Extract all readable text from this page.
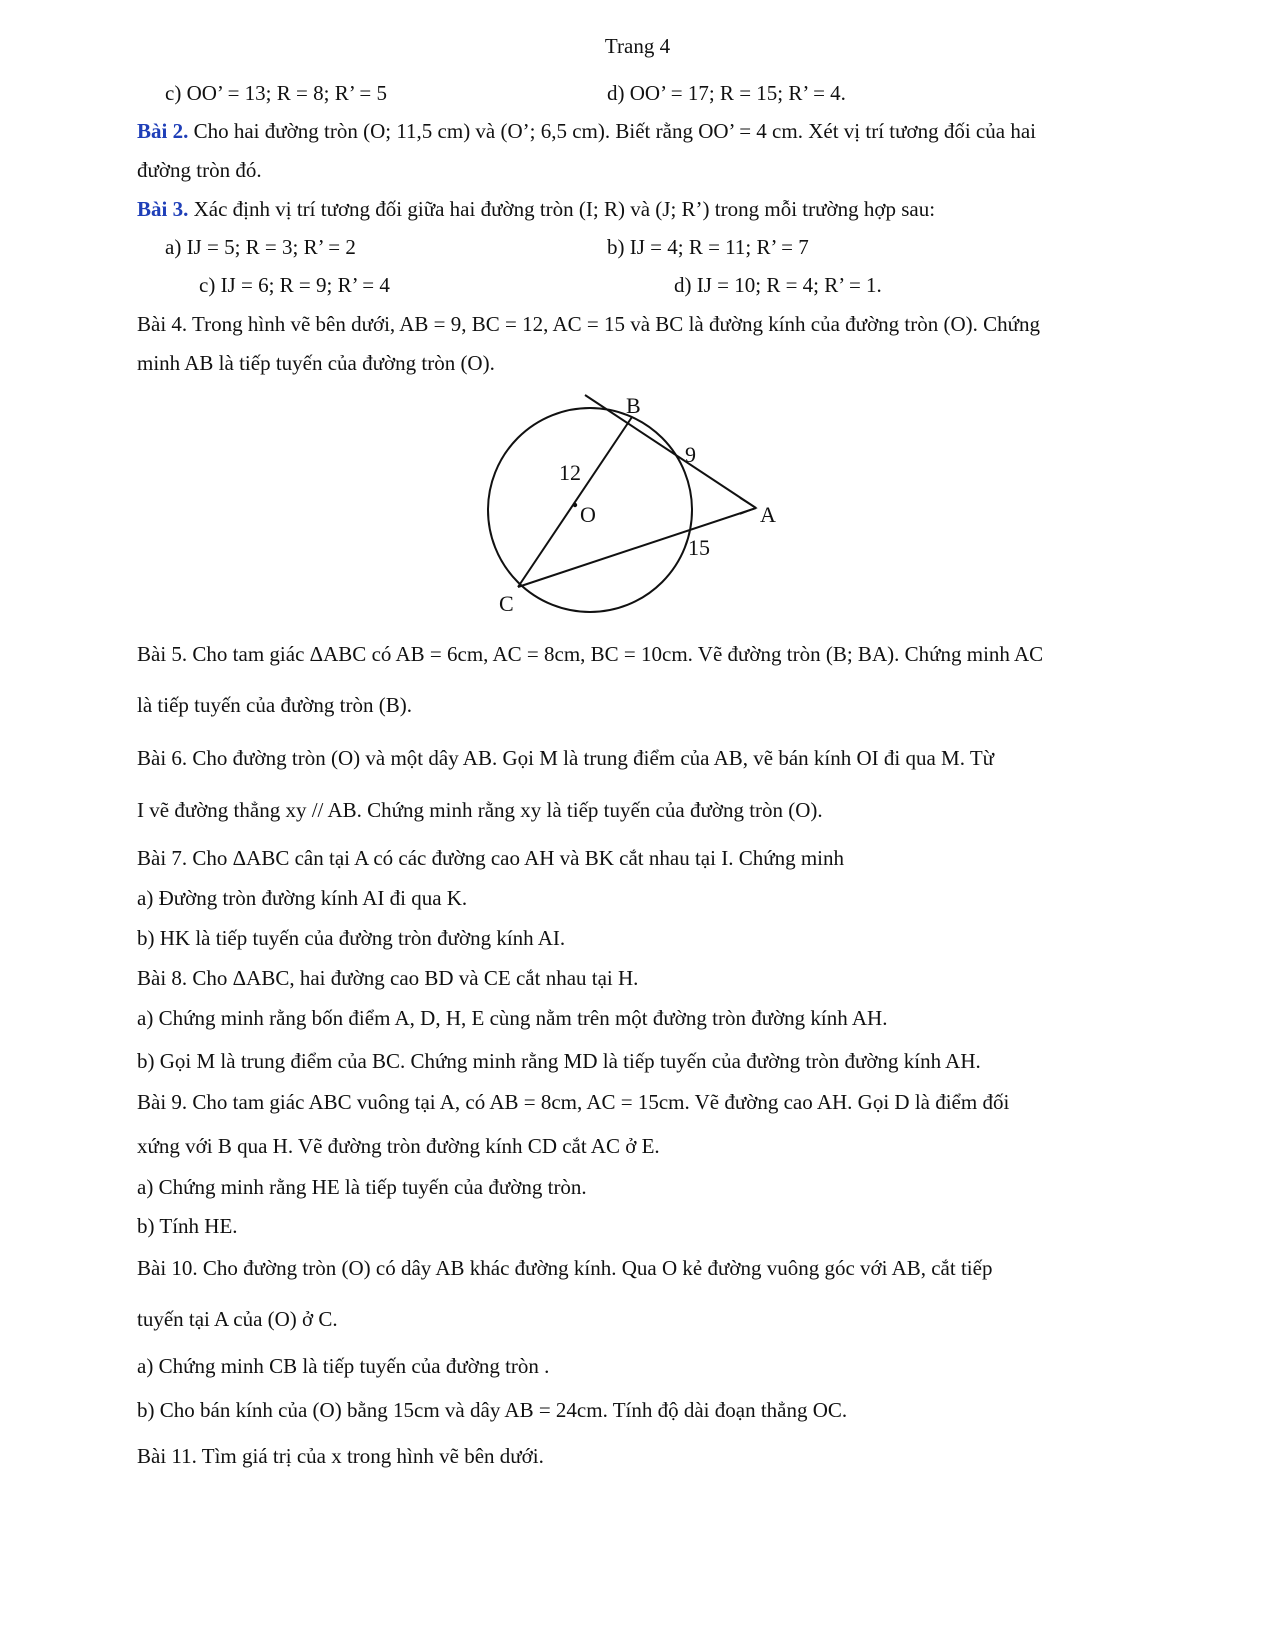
Trang 4
c) OO’ = 13; R = 8; R’ = 5	d) OO’ = 17; R = 15; R’ = 4.
Bài 2. Cho hai đường tròn (O; 11,5 cm) và (O’; 6,5 cm). Biết rằng OO’ = 4 cm. Xét vị trí tương đối của hai
đường tròn đó.
Bài 3. Xác định vị trí tương đối giữa hai đường tròn (I; R) và (J; R’) trong mỗi trường hợp sau:
a) IJ = 5; R = 3; R’ = 2	b) IJ = 4; R = 11; R’ = 7
c) IJ = 6; R = 9; R’ = 4	d) IJ = 10; R = 4; R’ = 1.
Bài 4. Trong hình vẽ bên dưới, AB = 9, BC = 12, AC = 15 và BC là đường kính của đường tròn (O). Chứng
minh AB là tiếp tuyến của đường tròn (O).
B
A
C
O
12
9
15
Bài 5. Cho tam giác ΔABC có AB = 6cm, AC = 8cm, BC = 10cm. Vẽ đường tròn (B; BA). Chứng minh AC
là tiếp tuyến của đường tròn (B).
Bài 6. Cho đường tròn (O) và một dây AB. Gọi M là trung điểm của AB, vẽ bán kính OI đi qua M. Từ
I vẽ đường thẳng xy // AB. Chứng minh rằng xy là tiếp tuyến của đường tròn (O).
Bài 7. Cho ΔABC cân tại A có các đường cao AH và BK cắt nhau tại I. Chứng minh
a) Đường tròn đường kính AI đi qua K.
b) HK là tiếp tuyến của đường tròn đường kính AI.
Bài 8. Cho ΔABC, hai đường cao BD và CE cắt nhau tại H.
a) Chứng minh rằng bốn điểm A, D, H, E cùng nằm trên một đường tròn đường kính AH.
b) Gọi M là trung điểm của BC. Chứng minh rằng MD là tiếp tuyến của đường tròn đường kính AH.
Bài 9. Cho tam giác ABC vuông tại A, có AB = 8cm, AC = 15cm. Vẽ đường cao AH. Gọi D là điểm đối
xứng với B qua H. Vẽ đường tròn đường kính CD cắt AC ở E.
a) Chứng minh rằng HE là tiếp tuyến của đường tròn.
b) Tính HE.
Bài 10. Cho đường tròn (O) có dây AB khác đường kính. Qua O kẻ đường vuông góc với AB, cắt tiếp
tuyến tại A của (O) ở C.
a) Chứng minh CB là tiếp tuyến của đường tròn .
b) Cho bán kính của (O) bằng 15cm và dây AB = 24cm. Tính độ dài đoạn thẳng OC.
Bài 11. Tìm giá trị của x trong hình vẽ bên dưới.
